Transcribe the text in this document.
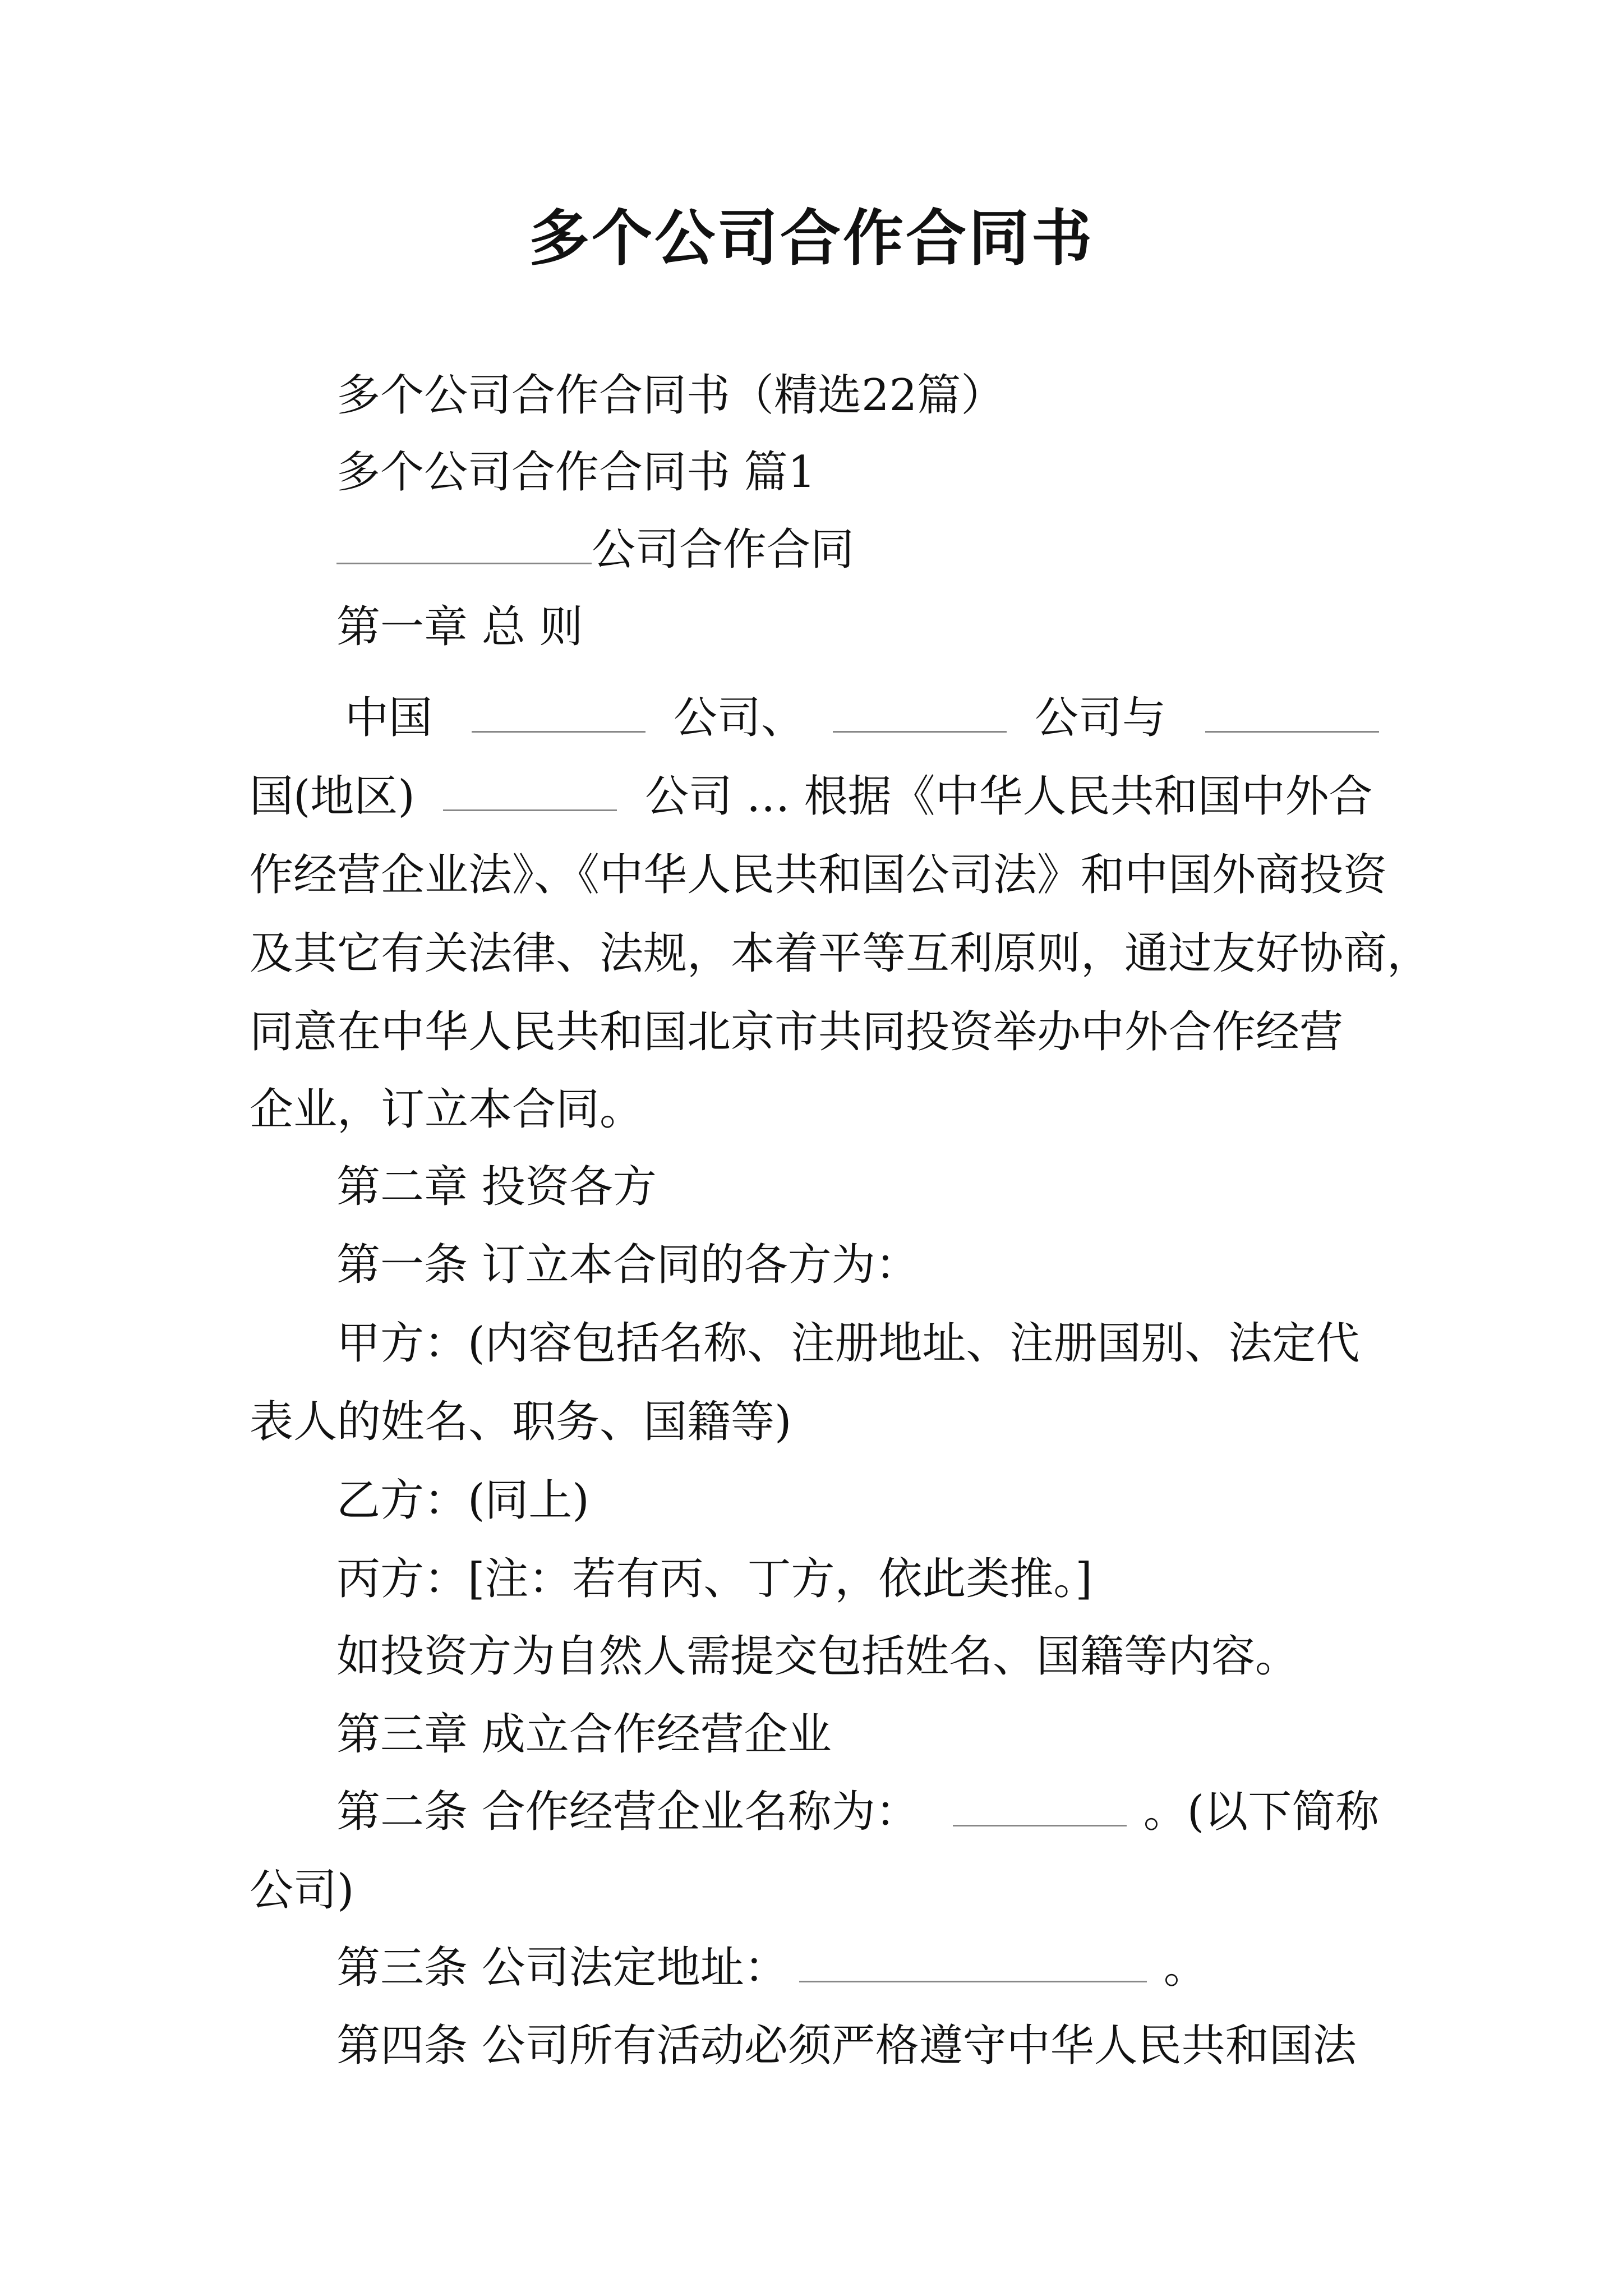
多个公司合作合同书
多个公司合作合同书（精选22篇）
多个公司合作合同书 篇1
公司合作合同
第一章 总 则
中国	公司、	公司与
国(地区)	公司 … 根据《中华人民共和国中外合
作经营企业法》、《中华人民共和国公司法》和中国外商投资
及其它有关法律、法规，本着平等互利原则，通过友好协商，
同意在中华人民共和国北京市共同投资举办中外合作经营
企业，订立本合同。
第二章 投资各方
第一条 订立本合同的各方为：
甲方：(内容包括名称、注册地址、注册国别、法定代
表人的姓名、职务、国籍等)
乙方：(同上)
丙方：[注：若有丙、丁方，依此类推。]
如投资方为自然人需提交包括姓名、国籍等内容。
第三章 成立合作经营企业
第二条 合作经营企业名称为：	。(以下简称
公司)
第三条 公司法定地址：	。
第四条 公司所有活动必须严格遵守中华人民共和国法
